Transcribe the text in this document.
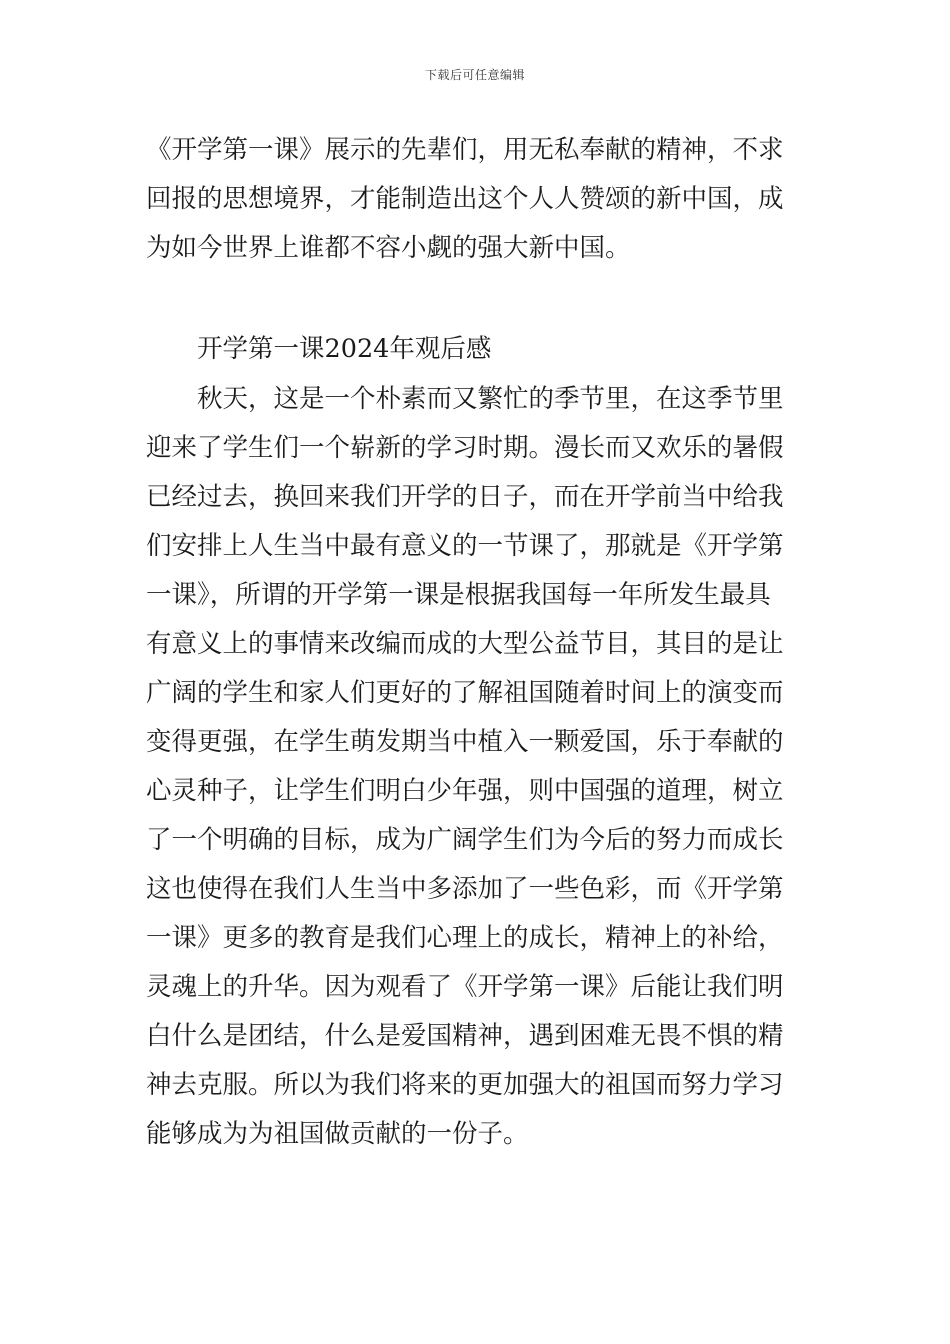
下载后可任意编辑
《开学第一课》展示的先辈们，用无私奉献的精神，不求
回报的思想境界，才能制造出这个人人赞颂的新中国，成
为如今世界上谁都不容小觑的强大新中国。
开学第一课2024年观后感
秋天，这是一个朴素而又繁忙的季节里，在这季节里
迎来了学生们一个崭新的学习时期。漫长而又欢乐的暑假
已经过去，换回来我们开学的日子，而在开学前当中给我
们安排上人生当中最有意义的一节课了，那就是《开学第
一课》，所谓的开学第一课是根据我国每一年所发生最具
有意义上的事情来改编而成的大型公益节目，其目的是让
广阔的学生和家人们更好的了解祖国随着时间上的演变而
变得更强，在学生萌发期当中植入一颗爱国，乐于奉献的
心灵种子，让学生们明白少年强，则中国强的道理，树立
了一个明确的目标，成为广阔学生们为今后的努力而成长
这也使得在我们人生当中多添加了一些色彩，而《开学第
一课》更多的教育是我们心理上的成长，精神上的补给，
灵魂上的升华。因为观看了《开学第一课》后能让我们明
白什么是团结，什么是爱国精神，遇到困难无畏不惧的精
神去克服。所以为我们将来的更加强大的祖国而努力学习
能够成为为祖国做贡献的一份子。
